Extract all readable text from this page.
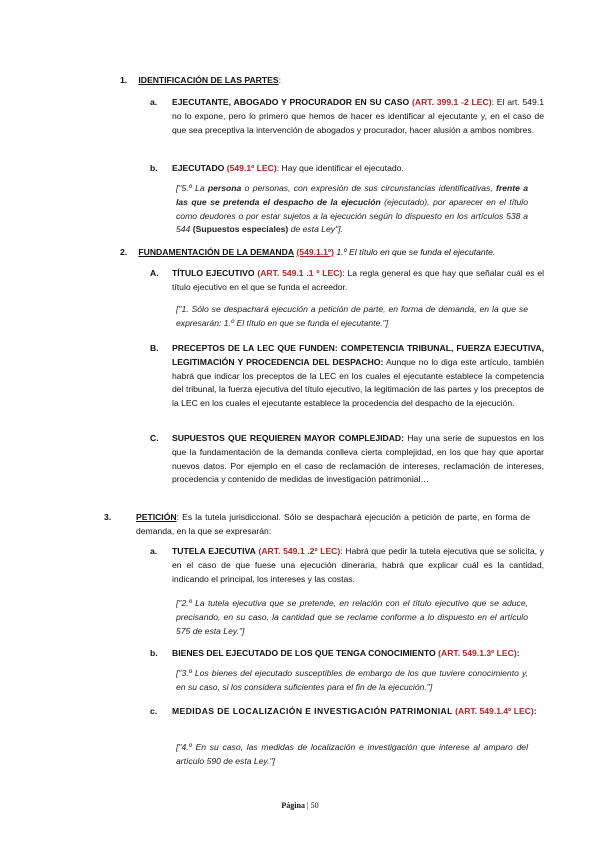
1. IDENTIFICACIÓN DE LAS PARTES:

a. EJECUTANTE, ABOGADO Y PROCURADOR EN SU CASO (ART. 399.1 -2 LEC): El art. 549.1 no lo expone, pero lo primero que hemos de hacer es identificar al ejecutante y, en el caso de que sea preceptiva la intervención de abogados y procurador, hacer alusión a ambos nombres.
b. EJECUTADO (549.1º LEC): Hay que identificar el ejecutado.
["5.º La persona o personas, con expresión de sus circunstancias identificativas, frente a las que se pretenda el despacho de la ejecución (ejecutado), por aparecer en el título como deudores o por estar sujetos a la ejecución según lo dispuesto en los artículos 538 a 544 (Supuestos especiales) de esta Ley"].

2. FUNDAMENTACIÓN DE LA DEMANDA (549.1.1º) 1.º El título en que se funda el ejecutante.

A. TÍTULO EJECUTIVO (ART. 549.1 .1 º LEC): La regla general es que hay que señalar cuál es el título ejecutivo en el que se funda el acreedor.
["1. Sólo se despachará ejecución a petición de parte, en forma de demanda, en la que se expresarán: 1.º El título en que se funda el ejecutante."]
B. PRECEPTOS DE LA LEC QUE FUNDEN: COMPETENCIA TRIBUNAL, FUERZA EJECUTIVA, LEGITIMACIÓN Y PROCEDENCIA DEL DESPACHO: Aunque no lo diga este artículo, también habrá que indicar los preceptos de la LEC en los cuales el ejecutante establece la competencia del tribunal, la fuerza ejecutiva del título ejecutivo, la legitimación de las partes y los preceptos de la LEC en los cuales el ejecutante establece la procedencia del despacho de la ejecución.
C. SUPUESTOS QUE REQUIEREN MAYOR COMPLEJIDAD: Hay una serie de supuestos en los que la fundamentación de la demanda conlleva cierta complejidad, en los que hay que aportar nuevos datos. Por ejemplo en el caso de reclamación de intereses, reclamación de intereses, procedencia y contenido de medidas de investigación patrimonial…

3.	PETICIÓN: Es la tutela jurisdiccional. Sólo se despachará ejecución a petición de parte, en forma de demanda, en la que se expresarán:

a. TUTELA EJECUTIVA (ART. 549.1 .2º LEC): Habrá que pedir la tutela ejecutiva que se solicita, y en el caso de que fuese una ejecución dineraria, habrá que explicar cuál es la cantidad, indicando el principal, los intereses y las costas.
["2.º La tutela ejecutiva que se pretende, en relación con el título ejecutivo que se aduce, precisando, en su caso, la cantidad que se reclame conforme a lo dispuesto en el artículo 575 de esta Ley."]
b. BIENES DEL EJECUTADO DE LOS QUE TENGA CONOCIMIENTO (ART. 549.1.3º LEC):
["3.º Los bienes del ejecutado susceptibles de embargo de los que tuviere conocimiento y, en su caso, si los considera suficientes para el fin de la ejecución."]
c. MEDIDAS DE LOCALIZACIÓN E INVESTIGACIÓN PATRIMONIAL (ART. 549.1.4º LEC):
["4.º En su caso, las medidas de localización e investigación que interese al amparo del artículo 590 de esta Ley."]
Página | 50
